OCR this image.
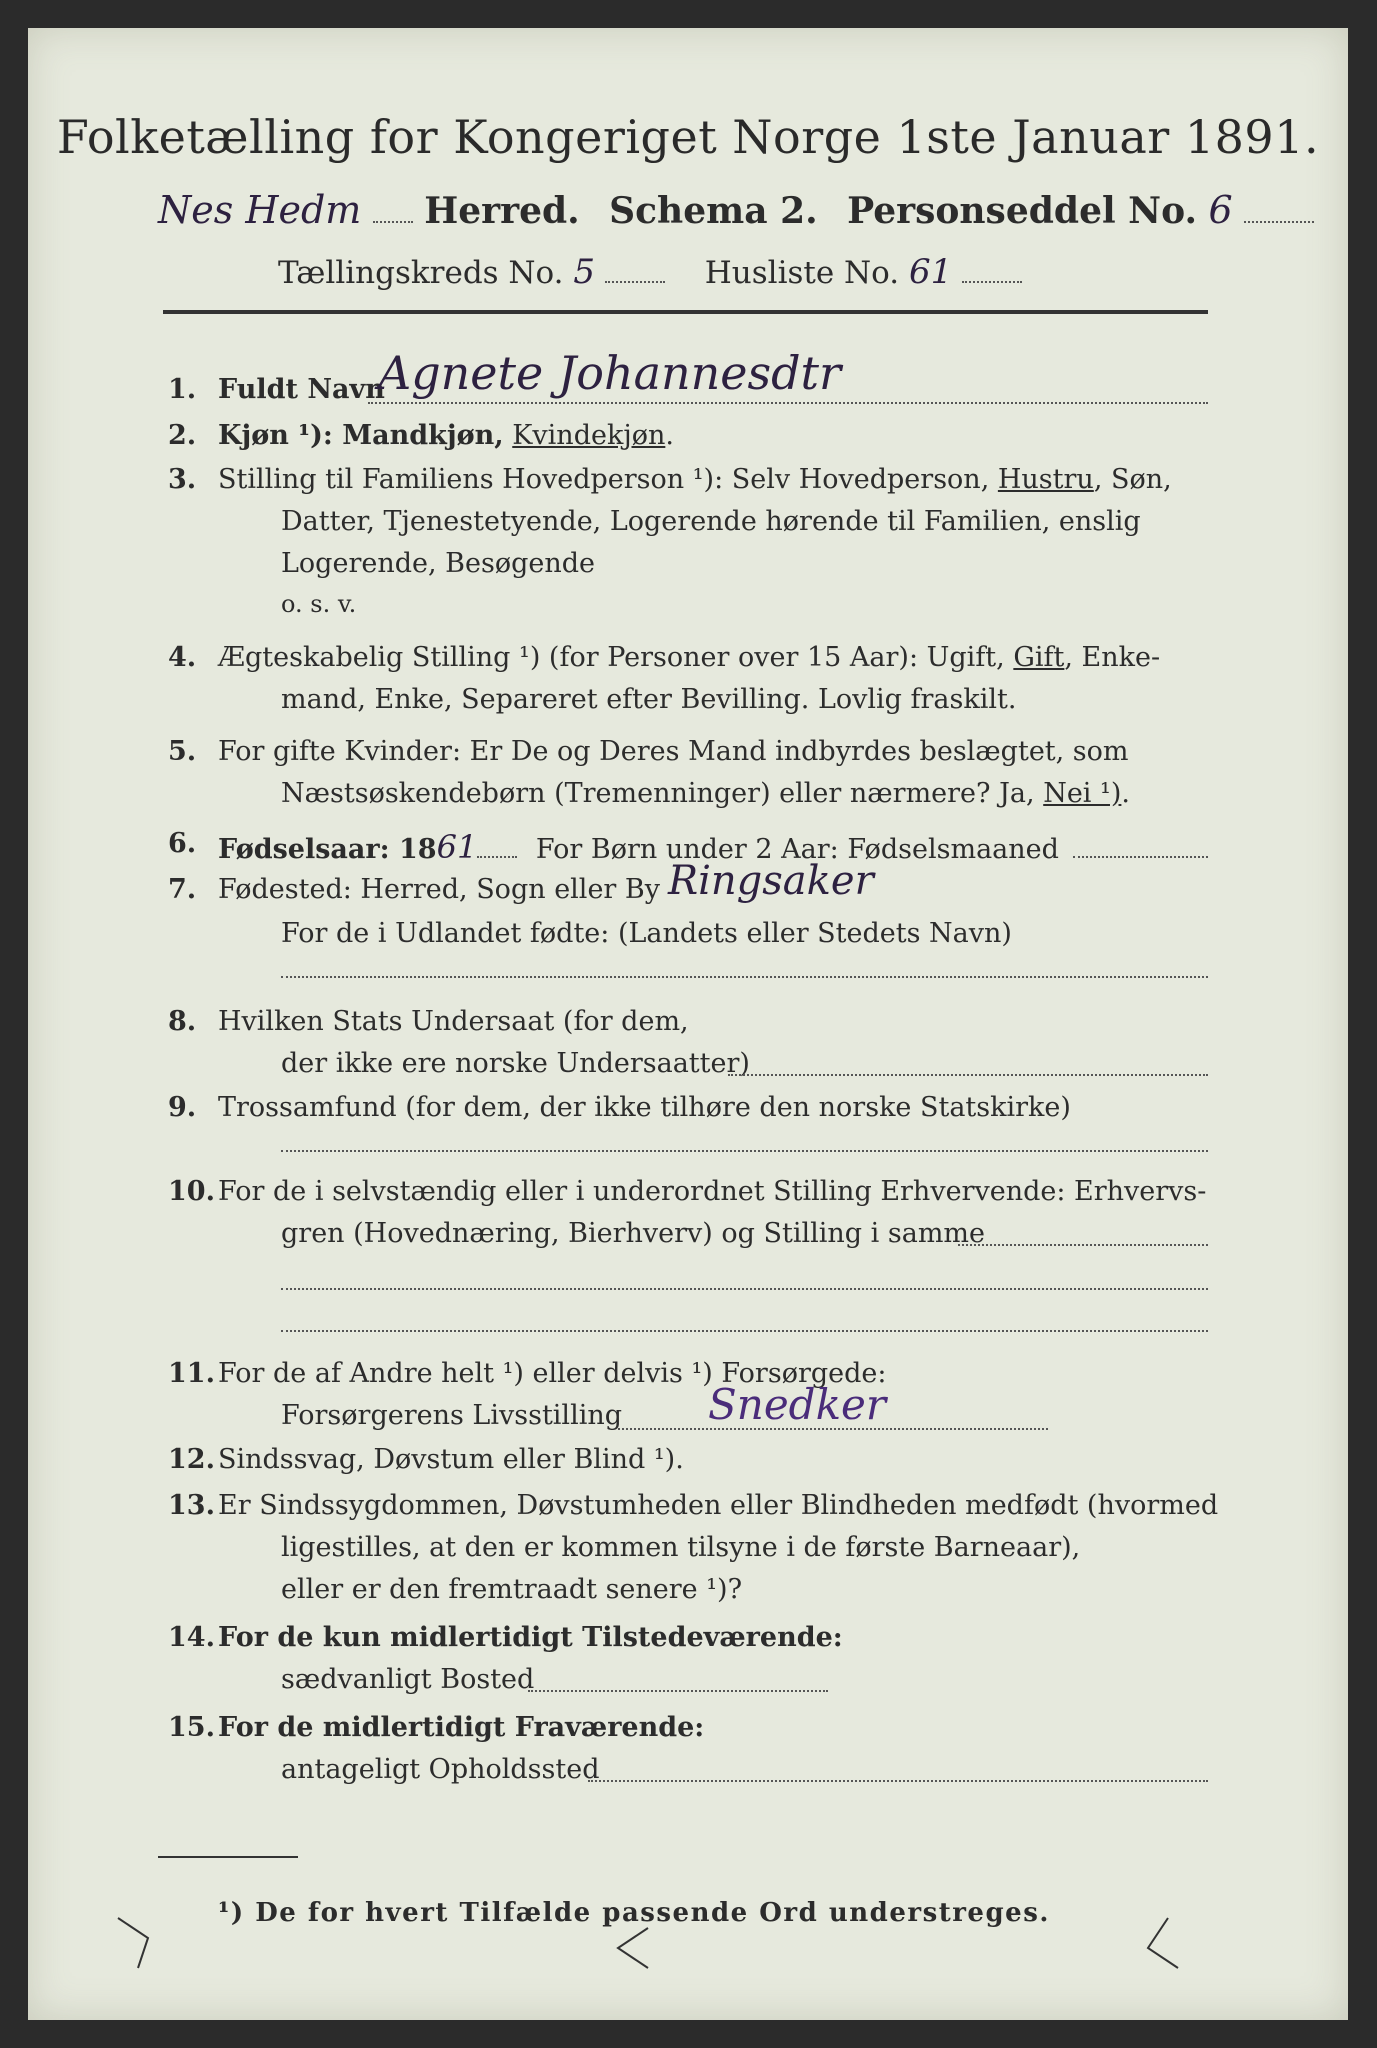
Folketælling for Kongeriget Norge 1ste Januar 1891.
Nes Hedm Herred. Schema 2. Personseddel No. 6
Tællingskreds No. 5	Husliste No. 61
1. Fuldt Navn
Agnete Johannesdtr
2. Kjøn ¹): Mandkjøn, Kvindekjøn.
3. Stilling til Familiens Hovedperson ¹): Selv Hovedperson, Hustru, Søn,
Datter, Tjenestetyende, Logerende hørende til Familien, enslig
Logerende, Besøgende
o. s. v.
4. Ægteskabelig Stilling ¹) (for Personer over 15 Aar): Ugift, Gift, Enke-
mand, Enke, Separeret efter Bevilling. Lovlig fraskilt.
5. For gifte Kvinder: Er De og Deres Mand indbyrdes beslægtet, som
Næstsøskendebørn (Tremenninger) eller nærmere? Ja, Nei ¹).
6. Fødselsaar: 1861 For Børn under 2 Aar: Fødselsmaaned
7. Fødested: Herred, Sogn eller By Ringsaker
For de i Udlandet fødte: (Landets eller Stedets Navn)
8. Hvilken Stats Undersaat (for dem,
der ikke ere norske Undersaatter)
9. Trossamfund (for dem, der ikke tilhøre den norske Statskirke)
10. For de i selvstændig eller i underordnet Stilling Erhvervende: Erhvervs-
gren (Hovednæring, Bierhverv) og Stilling i samme
11. For de af Andre helt ¹) eller delvis ¹) Forsørgede:
Forsørgerens Livsstilling Snedker
12. Sindssvag, Døvstum eller Blind ¹).
13. Er Sindssygdommen, Døvstumheden eller Blindheden medfødt (hvormed
ligestilles, at den er kommen tilsyne i de første Barneaar),
eller er den fremtraadt senere ¹)?
14. For de kun midlertidigt Tilstedeværende:
sædvanligt Bosted
15. For de midlertidigt Fraværende:
antageligt Opholdssted
¹) De for hvert Tilfælde passende Ord understreges.
